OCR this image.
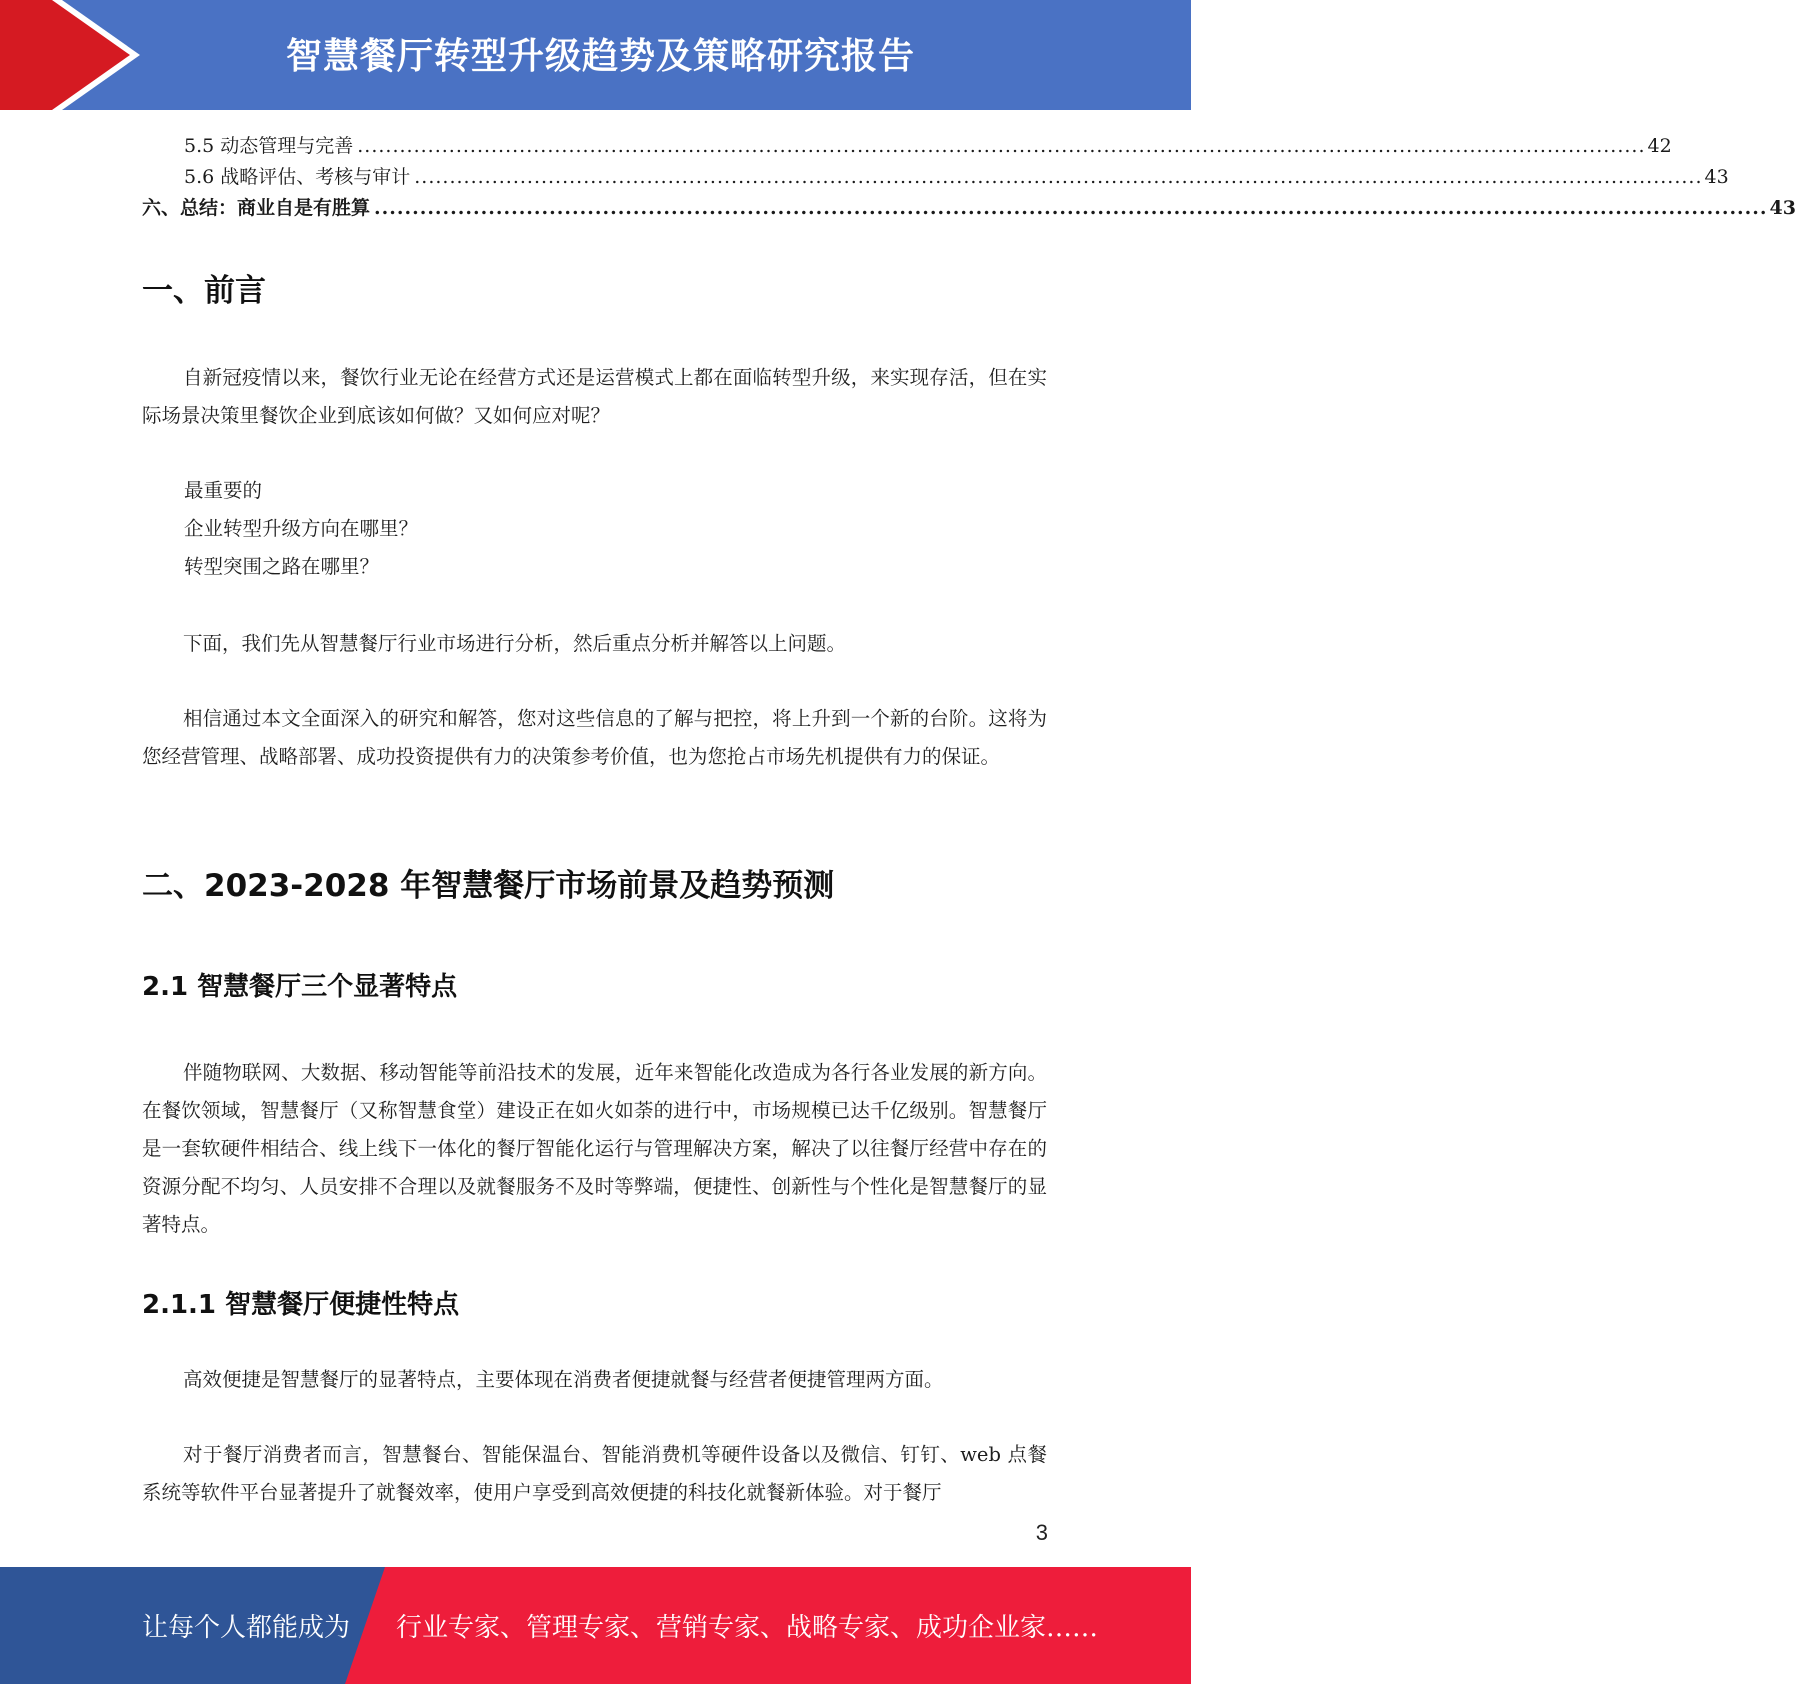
智慧餐厅转型升级趋势及策略研究报告
5.5 动态管理与完善 ....................................................................................................................................................................................... 42
5.6 战略评估、考核与审计 ....................................................................................................................................................................................... 43
六、总结：商业自是有胜算 ....................................................................................................................................................................................... 43
一、前言
自新冠疫情以来，餐饮行业无论在经营方式还是运营模式上都在面临转型升级，来实现存活，但在实际场景决策里餐饮企业到底该如何做？又如何应对呢？
最重要的
企业转型升级方向在哪里？
转型突围之路在哪里？
下面，我们先从智慧餐厅行业市场进行分析，然后重点分析并解答以上问题。
相信通过本文全面深入的研究和解答，您对这些信息的了解与把控，将上升到一个新的台阶。这将为您经营管理、战略部署、成功投资提供有力的决策参考价值，也为您抢占市场先机提供有力的保证。
二、2023-2028 年智慧餐厅市场前景及趋势预测
2.1 智慧餐厅三个显著特点
伴随物联网、大数据、移动智能等前沿技术的发展，近年来智能化改造成为各行各业发展的新方向。在餐饮领域，智慧餐厅（又称智慧食堂）建设正在如火如荼的进行中，市场规模已达千亿级别。智慧餐厅是一套软硬件相结合、线上线下一体化的餐厅智能化运行与管理解决方案，解决了以往餐厅经营中存在的资源分配不均匀、人员安排不合理以及就餐服务不及时等弊端，便捷性、创新性与个性化是智慧餐厅的显著特点。
2.1.1 智慧餐厅便捷性特点
高效便捷是智慧餐厅的显著特点，主要体现在消费者便捷就餐与经营者便捷管理两方面。
对于餐厅消费者而言，智慧餐台、智能保温台、智能消费机等硬件设备以及微信、钉钉、web 点餐系统等软件平台显著提升了就餐效率，使用户享受到高效便捷的科技化就餐新体验。对于餐厅
3
让每个人都能成为 行业专家、管理专家、营销专家、战略专家、成功企业家……
